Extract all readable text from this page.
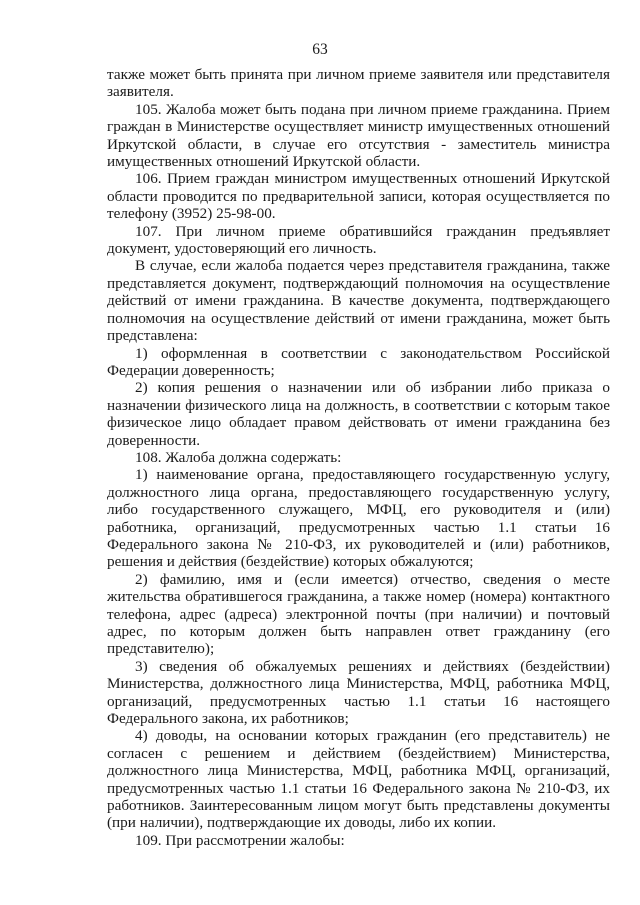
63

также может быть принята при личном приеме заявителя или представителя заявителя.

105. Жалоба может быть подана при личном приеме гражданина. Прием граждан в Министерстве осуществляет министр имущественных отношений Иркутской области, в случае его отсутствия - заместитель министра имущественных отношений Иркутской области.

106. Прием граждан министром имущественных отношений Иркутской области проводится по предварительной записи, которая осуществляется по телефону (3952) 25-98-00.

107. При личном приеме обратившийся гражданин предъявляет документ, удостоверяющий его личность.

В случае, если жалоба подается через представителя гражданина, также представляется документ, подтверждающий полномочия на осуществление действий от имени гражданина. В качестве документа, подтверждающего полномочия на осуществление действий от имени гражданина, может быть представлена:

1) оформленная в соответствии с законодательством Российской Федерации доверенность;

2) копия решения о назначении или об избрании либо приказа о назначении физического лица на должность, в соответствии с которым такое физическое лицо обладает правом действовать от имени гражданина без доверенности.

108. Жалоба должна содержать:

1) наименование органа, предоставляющего государственную услугу, должностного лица органа, предоставляющего государственную услугу, либо государственного служащего, МФЦ, его руководителя и (или) работника, организаций, предусмотренных частью 1.1 статьи 16 Федерального закона № 210-ФЗ, их руководителей и (или) работников, решения и действия (бездействие) которых обжалуются;

2) фамилию, имя и (если имеется) отчество, сведения о месте жительства обратившегося гражданина, а также номер (номера) контактного телефона, адрес (адреса) электронной почты (при наличии) и почтовый адрес, по которым должен быть направлен ответ гражданину (его представителю);

3) сведения об обжалуемых решениях и действиях (бездействии) Министерства, должностного лица Министерства, МФЦ, работника МФЦ, организаций, предусмотренных частью 1.1 статьи 16 настоящего Федерального закона, их работников;

4) доводы, на основании которых гражданин (его представитель) не согласен с решением и действием (бездействием) Министерства, должностного лица Министерства, МФЦ, работника МФЦ, организаций, предусмотренных частью 1.1 статьи 16 Федерального закона № 210-ФЗ, их работников. Заинтересованным лицом могут быть представлены документы (при наличии), подтверждающие их доводы, либо их копии.

109. При рассмотрении жалобы:
